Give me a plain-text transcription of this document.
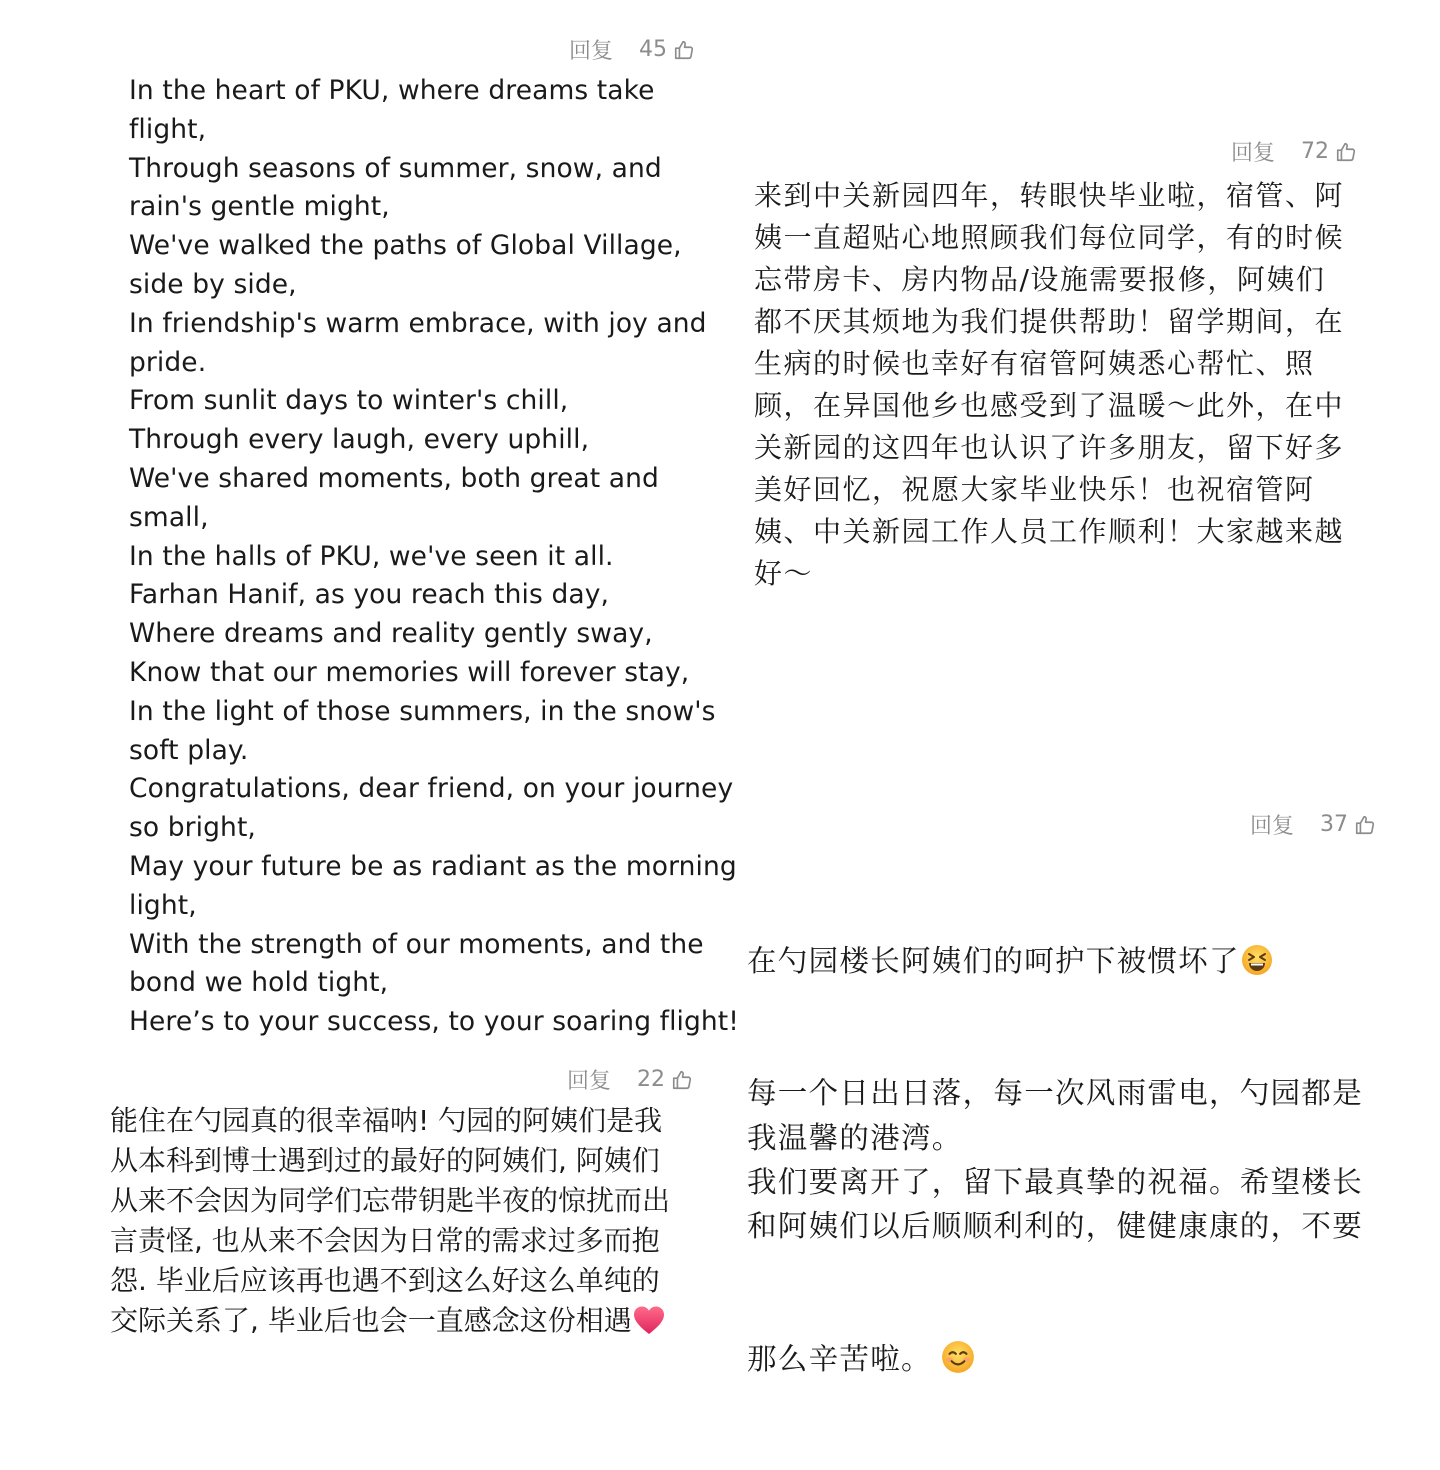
回复 45
In the heart of PKU, where dreams take
flight,
Through seasons of summer, snow, and
rain's gentle might,
We've walked the paths of Global Village,
side by side,
In friendship's warm embrace, with joy and
pride.
From sunlit days to winter's chill,
Through every laugh, every uphill,
We've shared moments, both great and
small,
In the halls of PKU, we've seen it all.
Farhan Hanif, as you reach this day,
Where dreams and reality gently sway,
Know that our memories will forever stay,
In the light of those summers, in the snow's
soft play.
Congratulations, dear friend, on your journey
so bright,
May your future be as radiant as the morning
light,
With the strength of our moments, and the
bond we hold tight,
Here’s to your success, to your soaring flight!
回复 22
能住在勺园真的很幸福呐! 勺园的阿姨们是我
从本科到博士遇到过的最好的阿姨们, 阿姨们
从来不会因为同学们忘带钥匙半夜的惊扰而出
言责怪, 也从来不会因为日常的需求过多而抱
怨. 毕业后应该再也遇不到这么好这么单纯的
交际关系了, 毕业后也会一直感念这份相遇
回复 72
来到中关新园四年，转眼快毕业啦，宿管、阿
姨一直超贴心地照顾我们每位同学，有的时候
忘带房卡、房内物品/设施需要报修，阿姨们
都不厌其烦地为我们提供帮助！留学期间，在
生病的时候也幸好有宿管阿姨悉心帮忙、照
顾，在异国他乡也感受到了温暖～此外，在中
关新园的这四年也认识了许多朋友，留下好多
美好回忆，祝愿大家毕业快乐！也祝宿管阿
姨、中关新园工作人员工作顺利！大家越来越
好～
回复 37

在勺园楼长阿姨们的呵护下被惯坏了

每一个日出日落，每一次风雨雷电，勺园都是
我温馨的港湾。
我们要离开了，留下最真挚的祝福。希望楼长
和阿姨们以后顺顺利利的，健健康康的，不要

那么辛苦啦。
